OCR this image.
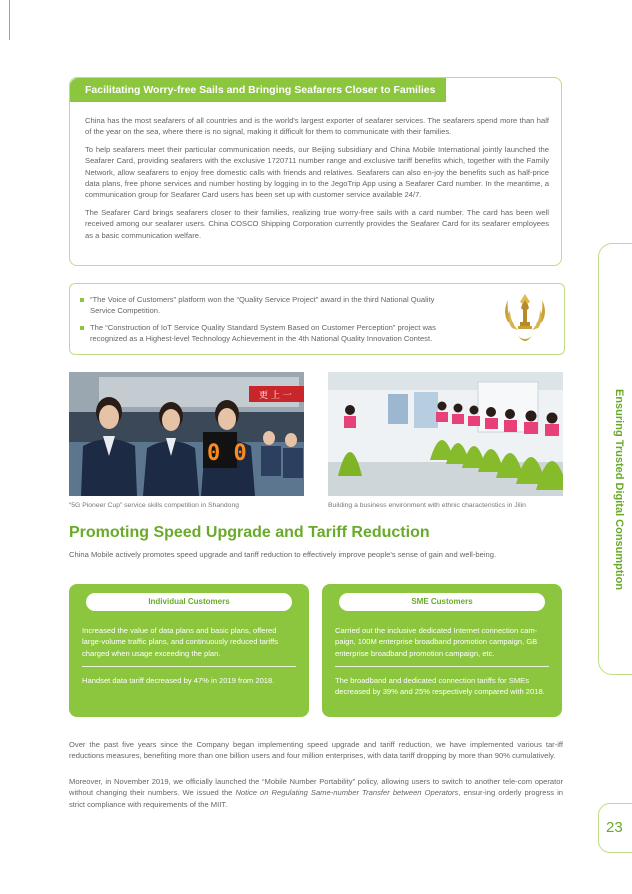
Facilitating Worry-free Sails and Bringing Seafarers Closer to Families

China has the most seafarers of all countries and is the world's largest exporter of seafarer services. The seafarers spend more than half of the year on the sea, where there is no signal, making it difficult for them to communicate with their families.

To help seafarers meet their particular communication needs, our Beijing subsidiary and China Mobile International jointly launched the Seafarer Card, providing seafarers with the exclusive 1720711 number range and exclusive tariff benefits which, together with the Family Network, allow seafarers to enjoy free domestic calls with friends and relatives. Seafarers can also en-joy the benefits such as half-price data plans, free phone services and number hosting by logging in to the JegoTrip App using a Seafarer Card number. In the meantime, a communication group for Seafarer Card users has been set up with customer service available 24/7.

The Seafarer Card brings seafarers closer to their families, realizing true worry-free sails with a card number. The card has been well received among our seafarer users. China COSCO Shipping Corporation currently provides the Seafarer Card for its seafarer employees as a basic communication welfare.

“The Voice of Customers” platform won the “Quality Service Project” award in the third National Quality Service Competition.
The “Construction of IoT Service Quality Standard System Based on Customer Perception” project was recognized as a Highest-level Technology Achievement in the 4th National Quality Innovation Contest.
更 上 一
0 0
“5G Pioneer Cup” service skills competition in Shandong	Building a business environment with ethnic characteristics in Jilin
Promoting Speed Upgrade and Tariff Reduction
China Mobile actively promotes speed upgrade and tariff reduction to effectively improve people's sense of gain and well-being.
Individual Customers
Increased the value of data plans and basic plans, offered large-volume traffic plans, and continuously reduced tariffs charged when usage exceeding the plan.
Handset data tariff decreased by 47% in 2019 from 2018.
SME Customers
Carried out the inclusive dedicated Internet connection cam-paign, 100M enterprise broadband promotion campaign, GB enterprise broadband promotion campaign, etc.
The broadband and dedicated connection tariffs for SMEs decreased by 39% and 25% respectively compared with 2018.
Over the past five years since the Company began implementing speed upgrade and tariff reduction, we have implemented various tar-iff reductions measures, benefiting more than one billion users and four million enterprises, with data tariff dropping by more than 90% cumulatively.
Moreover, in November 2019, we officially launched the “Mobile Number Portability” policy, allowing users to switch to another tele-com operator without changing their numbers. We issued the Notice on Regulating Same-number Transfer between Operators, ensur-ing orderly progress in strict compliance with requirements of the MIIT.
Ensuring Trusted Digital Consumption
23
